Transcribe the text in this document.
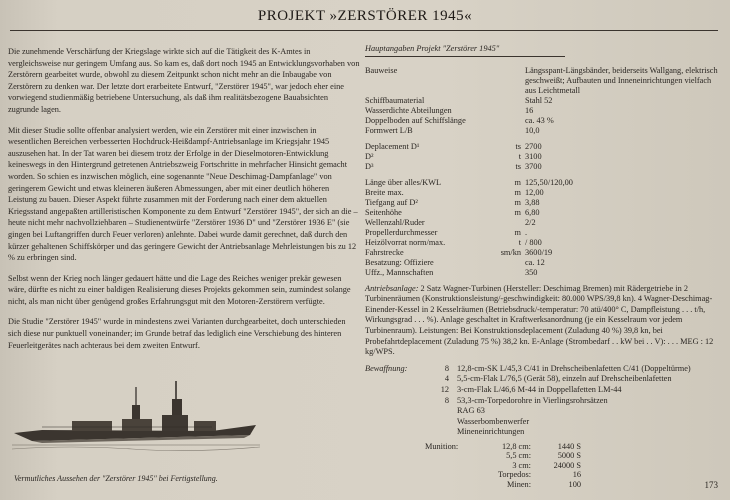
PROJEKT »ZERSTÖRER 1945«

Die zunehmende Verschärfung der Kriegslage wirkte sich auf die Tätigkeit des K-Amtes in vergleichsweise nur geringem Umfang aus. So kam es, daß dort noch 1945 an Entwicklungsvorhaben von Zerstörern gearbeitet wurde, obwohl zu diesem Zeitpunkt schon nicht mehr an die Inbaugabe von Zerstörern zu denken war. Der letzte dort erarbeitete Entwurf, "Zerstörer 1945", war jedoch eher eine vorwiegend studienmäßig betriebene Untersuchung, als daß ihm realitätsbezogene Bauabsichten zugrunde lagen.

Mit dieser Studie sollte offenbar analysiert werden, wie ein Zerstörer mit einer inzwischen in wesentlichen Bereichen verbesserten Hochdruck-Heißdampf-Antriebsanlage im Kriegsjahr 1945 auszusehen hat. In der Tat waren bei diesem trotz der Erfolge in der Dieselmotoren-Entwicklung keineswegs in den Hintergrund getretenen Antriebszweig Fortschritte in mehrfacher Hinsicht gemacht worden. So schien es inzwischen möglich, eine sogenannte "Neue Deschimag-Dampfanlage" von geringerem Gewicht und etwas kleineren äußeren Abmessungen, aber mit einer deutlich höheren Leistung zu bauen. Dieser Aspekt führte zusammen mit der Forderung nach einer dem aktuellen Kriegsstand angepaßten artilleristischen Komponente zu dem Entwurf "Zerstörer 1945", der sich an die – heute nicht mehr nachvollziehbaren – Studienentwürfe "Zerstörer 1936 D" und "Zerstörer 1936 E" (sie gingen bei Luftangriffen durch Feuer verloren) anlehnte. Dabei wurde damit gerechnet, daß durch den kürzer gehaltenen Schiffskörper und das geringere Gewicht der Antriebsanlage Mehrleistungen bis zu 12 % zu erbringen sind.

Selbst wenn der Krieg noch länger gedauert hätte und die Lage des Reiches weniger prekär gewesen wäre, dürfte es nicht zu einer baldigen Realisierung dieses Projekts gekommen sein, zumindest solange nicht, als man nicht über genügend großes Erfahrungsgut mit den Motoren-Zerstörern verfügte.

Die Studie "Zerstörer 1945" wurde in mindestens zwei Varianten durchgearbeitet, doch unterschieden sich diese nur punktuell voneinander; im Grunde betraf das lediglich eine Verschiebung des hinteren Feuerleitgerätes nach achteraus bei dem zweiten Entwurf.

Hauptangaben Projekt "Zerstörer 1945"
Bauweise		Längsspant-Längsbänder, beiderseits Wallgang, elektrisch geschweißt; Aufbauten und Inneneinrichtungen vielfach aus Leichtmetall
Schiffbaumaterial		Stahl 52
Wasserdichte Abteilungen		16
Doppelboden auf Schiffslänge		ca. 43 %
Formwert L/B		10,0

Deplacement D¹	ts	2700
D²	t	3100
D³	ts	3700

Länge über alles/KWL	m	125,50/120,00
Breite max.	m	12,00
Tiefgang auf D²	m	3,88
Seitenhöhe	m	6,80
Wellenzahl/Ruder		2/2
Propellerdurchmesser	m	.
Heizölvorrat norm/max.	t	/ 800
Fahrstrecke	sm/kn	3600/19
Besatzung: Offiziere		ca. 12
Uffz., Mannschaften		350
Antriebsanlage: 2 Satz Wagner-Turbinen (Hersteller: Deschimag Bremen) mit Rädergetriebe in 2 Turbinenräumen (Konstruktionsleistung/-geschwindigkeit: 80.000 WPS/39,8 kn). 4 Wagner-Deschimag-Einender-Kessel in 2 Kesselräumen (Betriebsdruck/-temperatur: 70 atü/400° C, Dampfleistung . . . t/h, Wirkungsgrad . . . %). Anlage geschaltet in Kraftwerksanordnung (je ein Kesselraum vor jedem Turbinenraum). Leistungen: Bei Konstruktionsdeplacement (Zuladung 40 %) 39,8 kn, bei Probefahrtdeplacement (Zuladung 75 %) 38,2 kn. E-Anlage (Strombedarf . . kW bei . . V): . . . MEG : 12 kg/WPS.
Bewaffnung:	8	12,8-cm-SK L/45,3 C/41 in Drehscheibenlafetten C/41 (Doppeltürme)
	4	5,5-cm-Flak L/76,5 (Gerät 58), einzeln auf Drehscheibenlafetten
	12	3-cm-Flak L/46,6 M-44 in Doppellafetten LM-44
	8	53,3-cm-Torpedorohre in Vierlingsrohrsätzen
		RAG 63
		Wasserbombenwerfer
		Mineneinrichtungen
Munition:	12,8 cm:	1440 S
	5,5 cm:	5000 S
	3 cm:	24000 S
	Torpedos:	16
	Minen:	100
Vermutliches Aussehen der "Zerstörer 1945" bei Fertigstellung.
173
